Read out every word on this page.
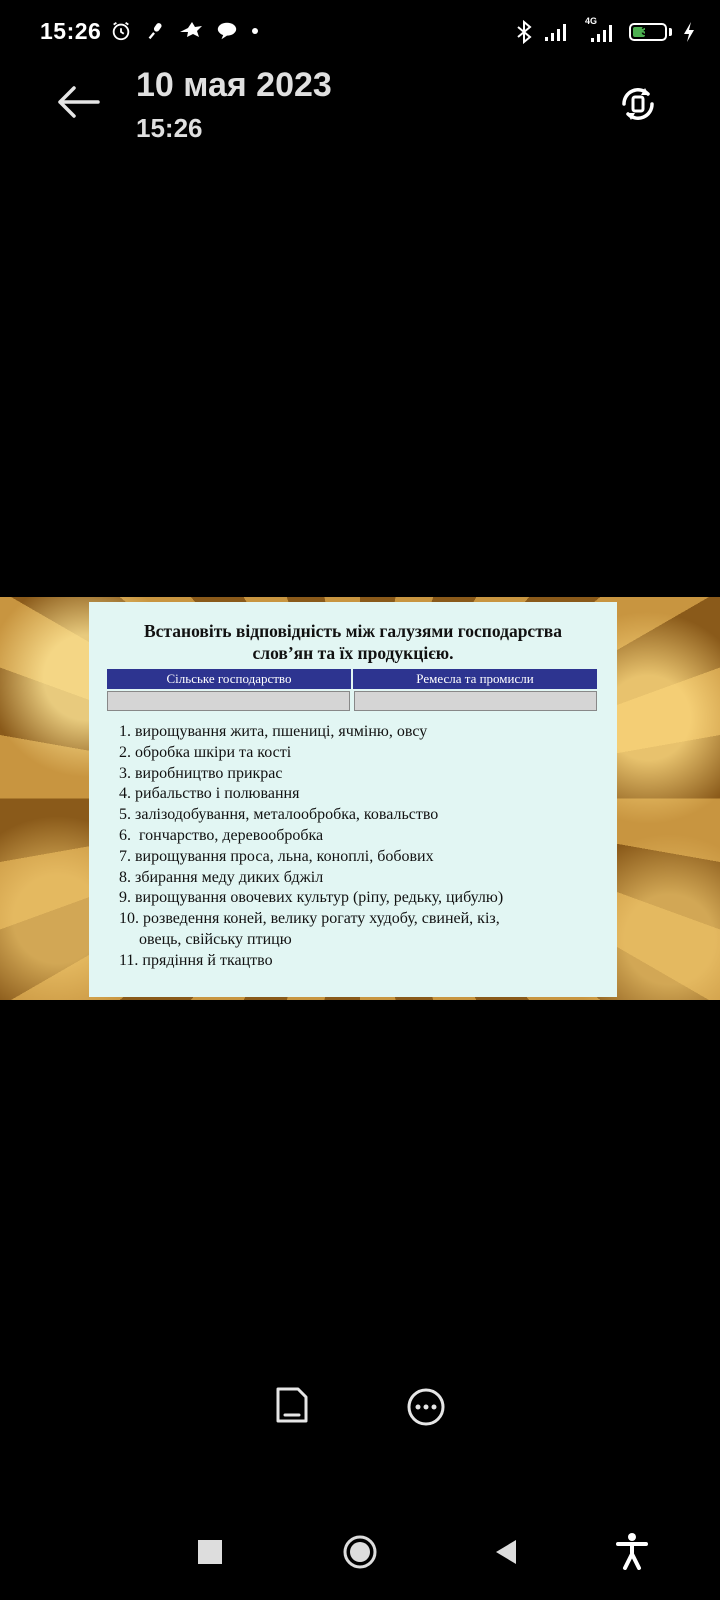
15:26	4G
39
10 мая 2023
15:26
Встановіть відповідність між галузями господарства
слов’ян та їх продукцією.
Сільське господарство	Ремесла та промисли
1. вирощування жита, пшениці, ячміню, овсу
2. обробка шкіри та кості
3. виробництво прикрас
4. рибальство і полювання
5. залізодобування, металообробка, ковальство
6.  гончарство, деревообробка
7. вирощування проса, льна, коноплі, бобових
8. збирання меду диких бджіл
9. вирощування овочевих культур (ріпу, редьку, цибулю)
10. розведення коней, велику рогату худобу, свиней, кіз,
овець, свійську птицю
11. прядіння й ткацтво
